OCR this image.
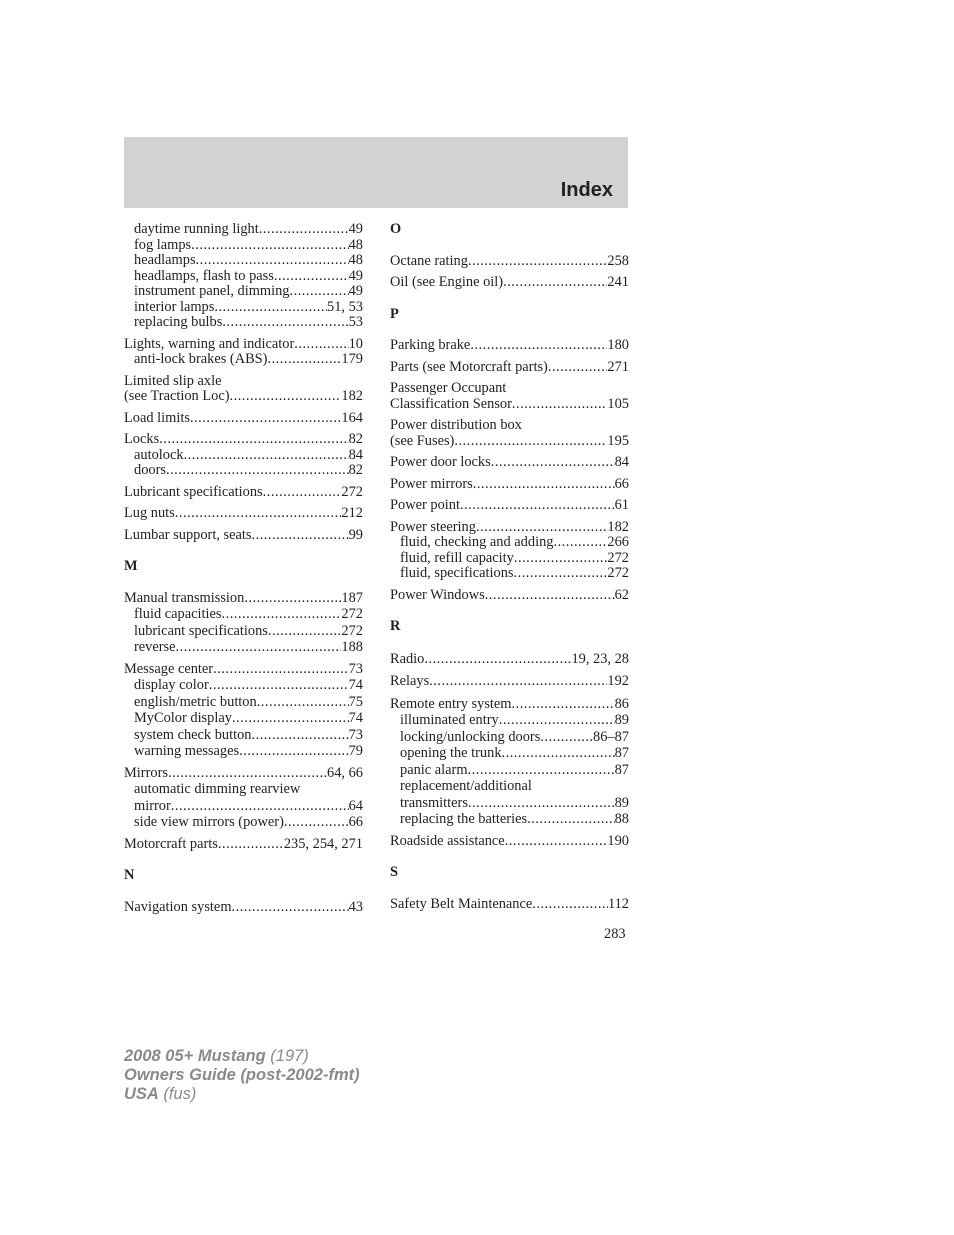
Index
daytime running light .....	49
fog lamps .....	48
headlamps .....	48
headlamps, flash to pass .....	49
instrument panel, dimming .....	49
interior lamps .....	51, 53
replacing bulbs .....	53
Lights, warning and indicator .....	10
anti-lock brakes (ABS) .....	179
Limited slip axle
(see Traction Loc) .....	182
Load limits .....	164
Locks .....	82
autolock .....	84
doors .....	82
Lubricant specifications .....	272
Lug nuts .....	212
Lumbar support, seats .....	99
M
Manual transmission .....	187
fluid capacities .....	272
lubricant specifications .....	272
reverse .....	188
Message center .....	73
display color .....	74
english/metric button .....	75
MyColor display .....	74
system check button .....	73
warning messages .....	79
Mirrors .....	64, 66
automatic dimming rearview
mirror .....	64
side view mirrors (power) .....	66
Motorcraft parts .....	235, 254, 271
N
Navigation system .....	43
O
Octane rating .....	258
Oil (see Engine oil) .....	241
P
Parking brake .....	180
Parts (see Motorcraft parts) .....	271
Passenger Occupant
Classification Sensor .....	105
Power distribution box
(see Fuses) .....	195
Power door locks .....	84
Power mirrors .....	66
Power point .....	61
Power steering .....	182
fluid, checking and adding .....	266
fluid, refill capacity .....	272
fluid, specifications .....	272
Power Windows .....	62
R
Radio .....	19, 23, 28
Relays .....	192
Remote entry system .....	86
illuminated entry .....	89
locking/unlocking doors .....	86–87
opening the trunk .....	87
panic alarm .....	87
replacement/additional
transmitters .....	89
replacing the batteries .....	88
Roadside assistance .....	190
S
Safety Belt Maintenance .....	112
283
2008 05+ Mustang (197)
Owners Guide (post-2002-fmt)
USA (fus)
